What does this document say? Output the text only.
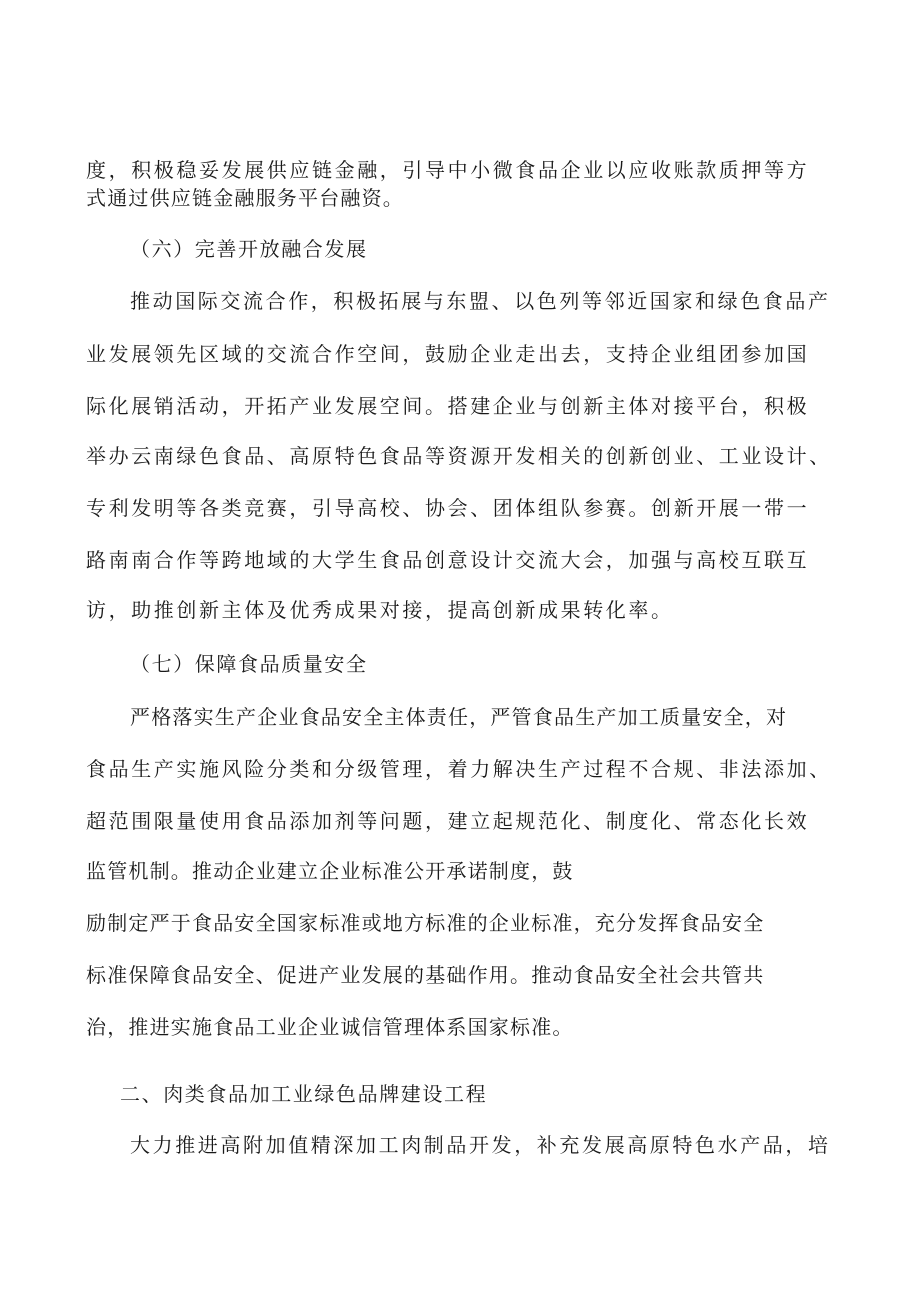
度，积极稳妥发展供应链金融，引导中小微食品企业以应收账款质押等方
式通过供应链金融服务平台融资。
（六）完善开放融合发展
推动国际交流合作，积极拓展与东盟、以色列等邻近国家和绿色食品产
业发展领先区域的交流合作空间，鼓励企业走出去，支持企业组团参加国
际化展销活动，开拓产业发展空间。搭建企业与创新主体对接平台，积极
举办云南绿色食品、高原特色食品等资源开发相关的创新创业、工业设计、
专利发明等各类竞赛，引导高校、协会、团体组队参赛。创新开展一带一
路南南合作等跨地域的大学生食品创意设计交流大会，加强与高校互联互
访，助推创新主体及优秀成果对接，提高创新成果转化率。
（七）保障食品质量安全
严格落实生产企业食品安全主体责任，严管食品生产加工质量安全，对
食品生产实施风险分类和分级管理，着力解决生产过程不合规、非法添加、
超范围限量使用食品添加剂等问题，建立起规范化、制度化、常态化长效
监管机制。推动企业建立企业标准公开承诺制度，鼓
励制定严于食品安全国家标准或地方标准的企业标准，充分发挥食品安全
标准保障食品安全、促进产业发展的基础作用。推动食品安全社会共管共
治，推进实施食品工业企业诚信管理体系国家标准。
二、肉类食品加工业绿色品牌建设工程
大力推进高附加值精深加工肉制品开发，补充发展高原特色水产品，培
